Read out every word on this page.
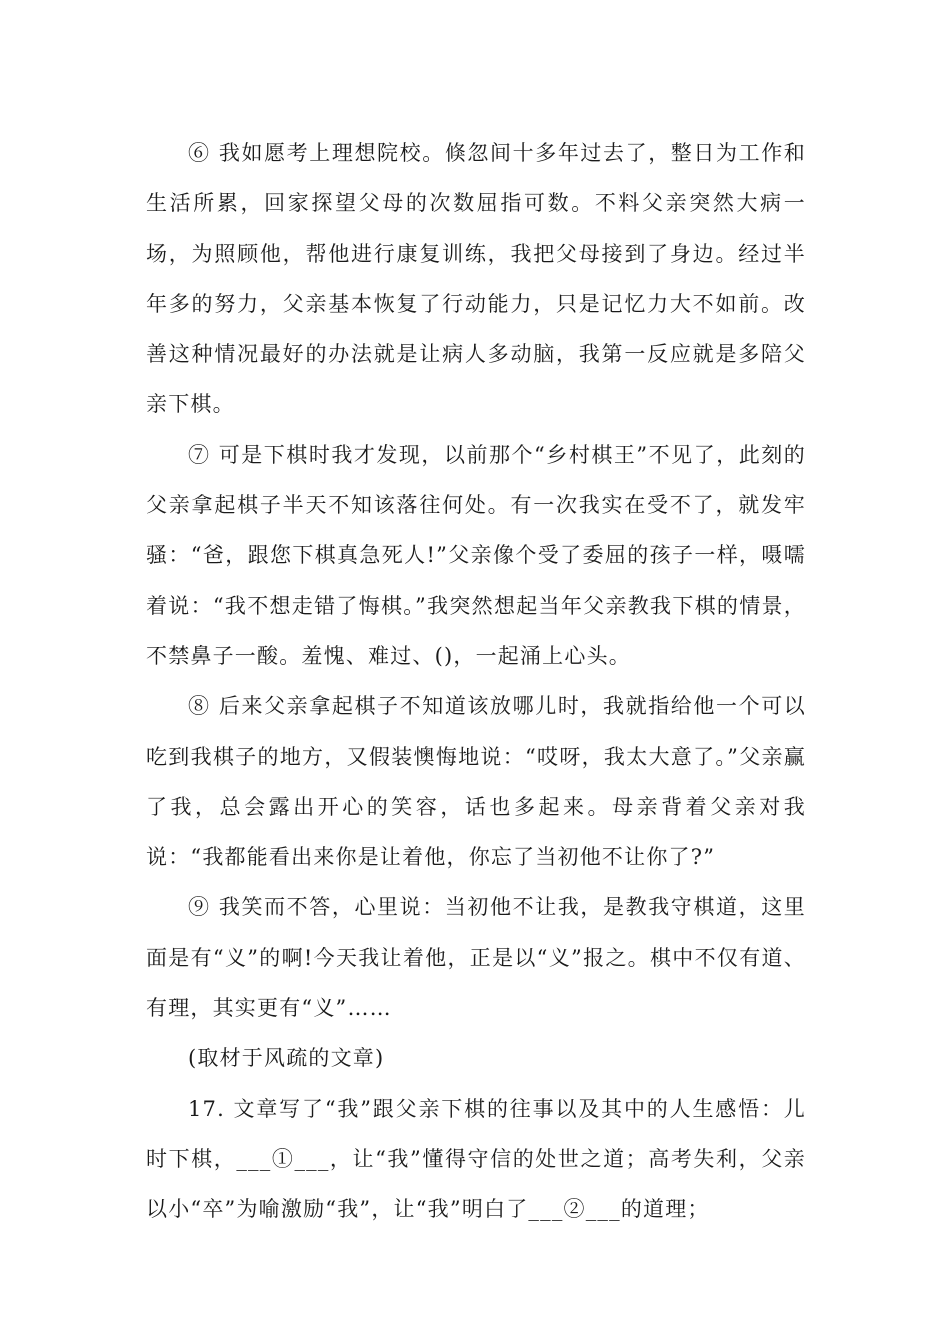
⑥ 我如愿考上理想院校。倏忽间十多年过去了，整日为工作和生活所累，回家探望父母的次数屈指可数。不料父亲突然大病一场，为照顾他，帮他进行康复训练，我把父母接到了身边。经过半年多的努力，父亲基本恢复了行动能力，只是记忆力大不如前。改善这种情况最好的办法就是让病人多动脑，我第一反应就是多陪父亲下棋。

⑦ 可是下棋时我才发现，以前那个“乡村棋王”不见了，此刻的父亲拿起棋子半天不知该落往何处。有一次我实在受不了，就发牢骚：“爸，跟您下棋真急死人!”父亲像个受了委屈的孩子一样，嗫嚅着说：“我不想走错了悔棋。”我突然想起当年父亲教我下棋的情景，不禁鼻子一酸。羞愧、难过、()，一起涌上心头。

⑧ 后来父亲拿起棋子不知道该放哪儿时，我就指给他一个可以吃到我棋子的地方，又假装懊悔地说：“哎呀，我太大意了。”父亲赢了我，总会露出开心的笑容，话也多起来。母亲背着父亲对我说：“我都能看出来你是让着他，你忘了当初他不让你了?”

⑨ 我笑而不答，心里说：当初他不让我，是教我守棋道，这里面是有“义”的啊!今天我让着他，正是以“义”报之。棋中不仅有道、有理，其实更有“义”……

(取材于风疏的文章)

17. 文章写了“我”跟父亲下棋的往事以及其中的人生感悟：儿时下棋，___①___，让“我”懂得守信的处世之道；高考失利，父亲以小“卒”为喻激励“我”，让“我”明白了___②___的道理；
